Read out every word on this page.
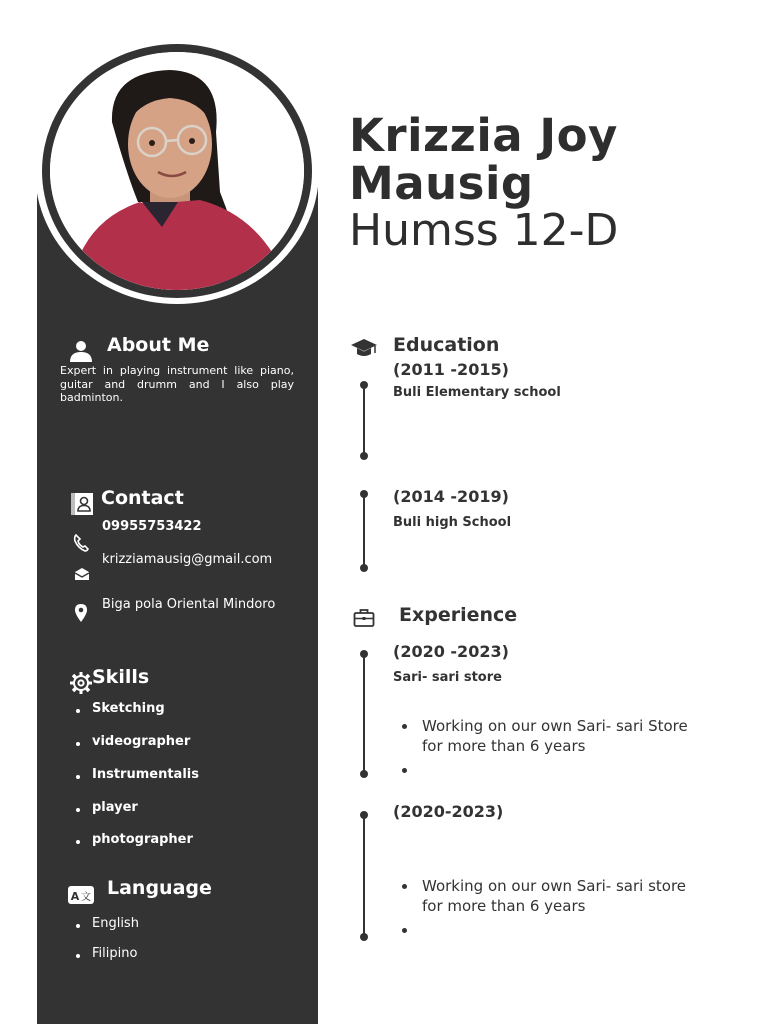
Krizzia Joy
Mausig
Humss 12-D
About Me
Expert in playing instrument like piano, guitar and drumm and I also play badminton.
Contact
09955753422
krizziamausig@gmail.com
Biga pola Oriental Mindoro
Skills
Sketching
videographer
Instrumentalis
player
photographer
A 文 Language
English
Filipino
Education
(2011 -2015)
Buli Elementary school
(2014 -2019)
Buli high School
Experience
(2020 -2023)
Sari- sari store
Working on our own Sari- sari Store for more than 6 years
(2020-2023)
Working on our own Sari- sari store for more than 6 years
